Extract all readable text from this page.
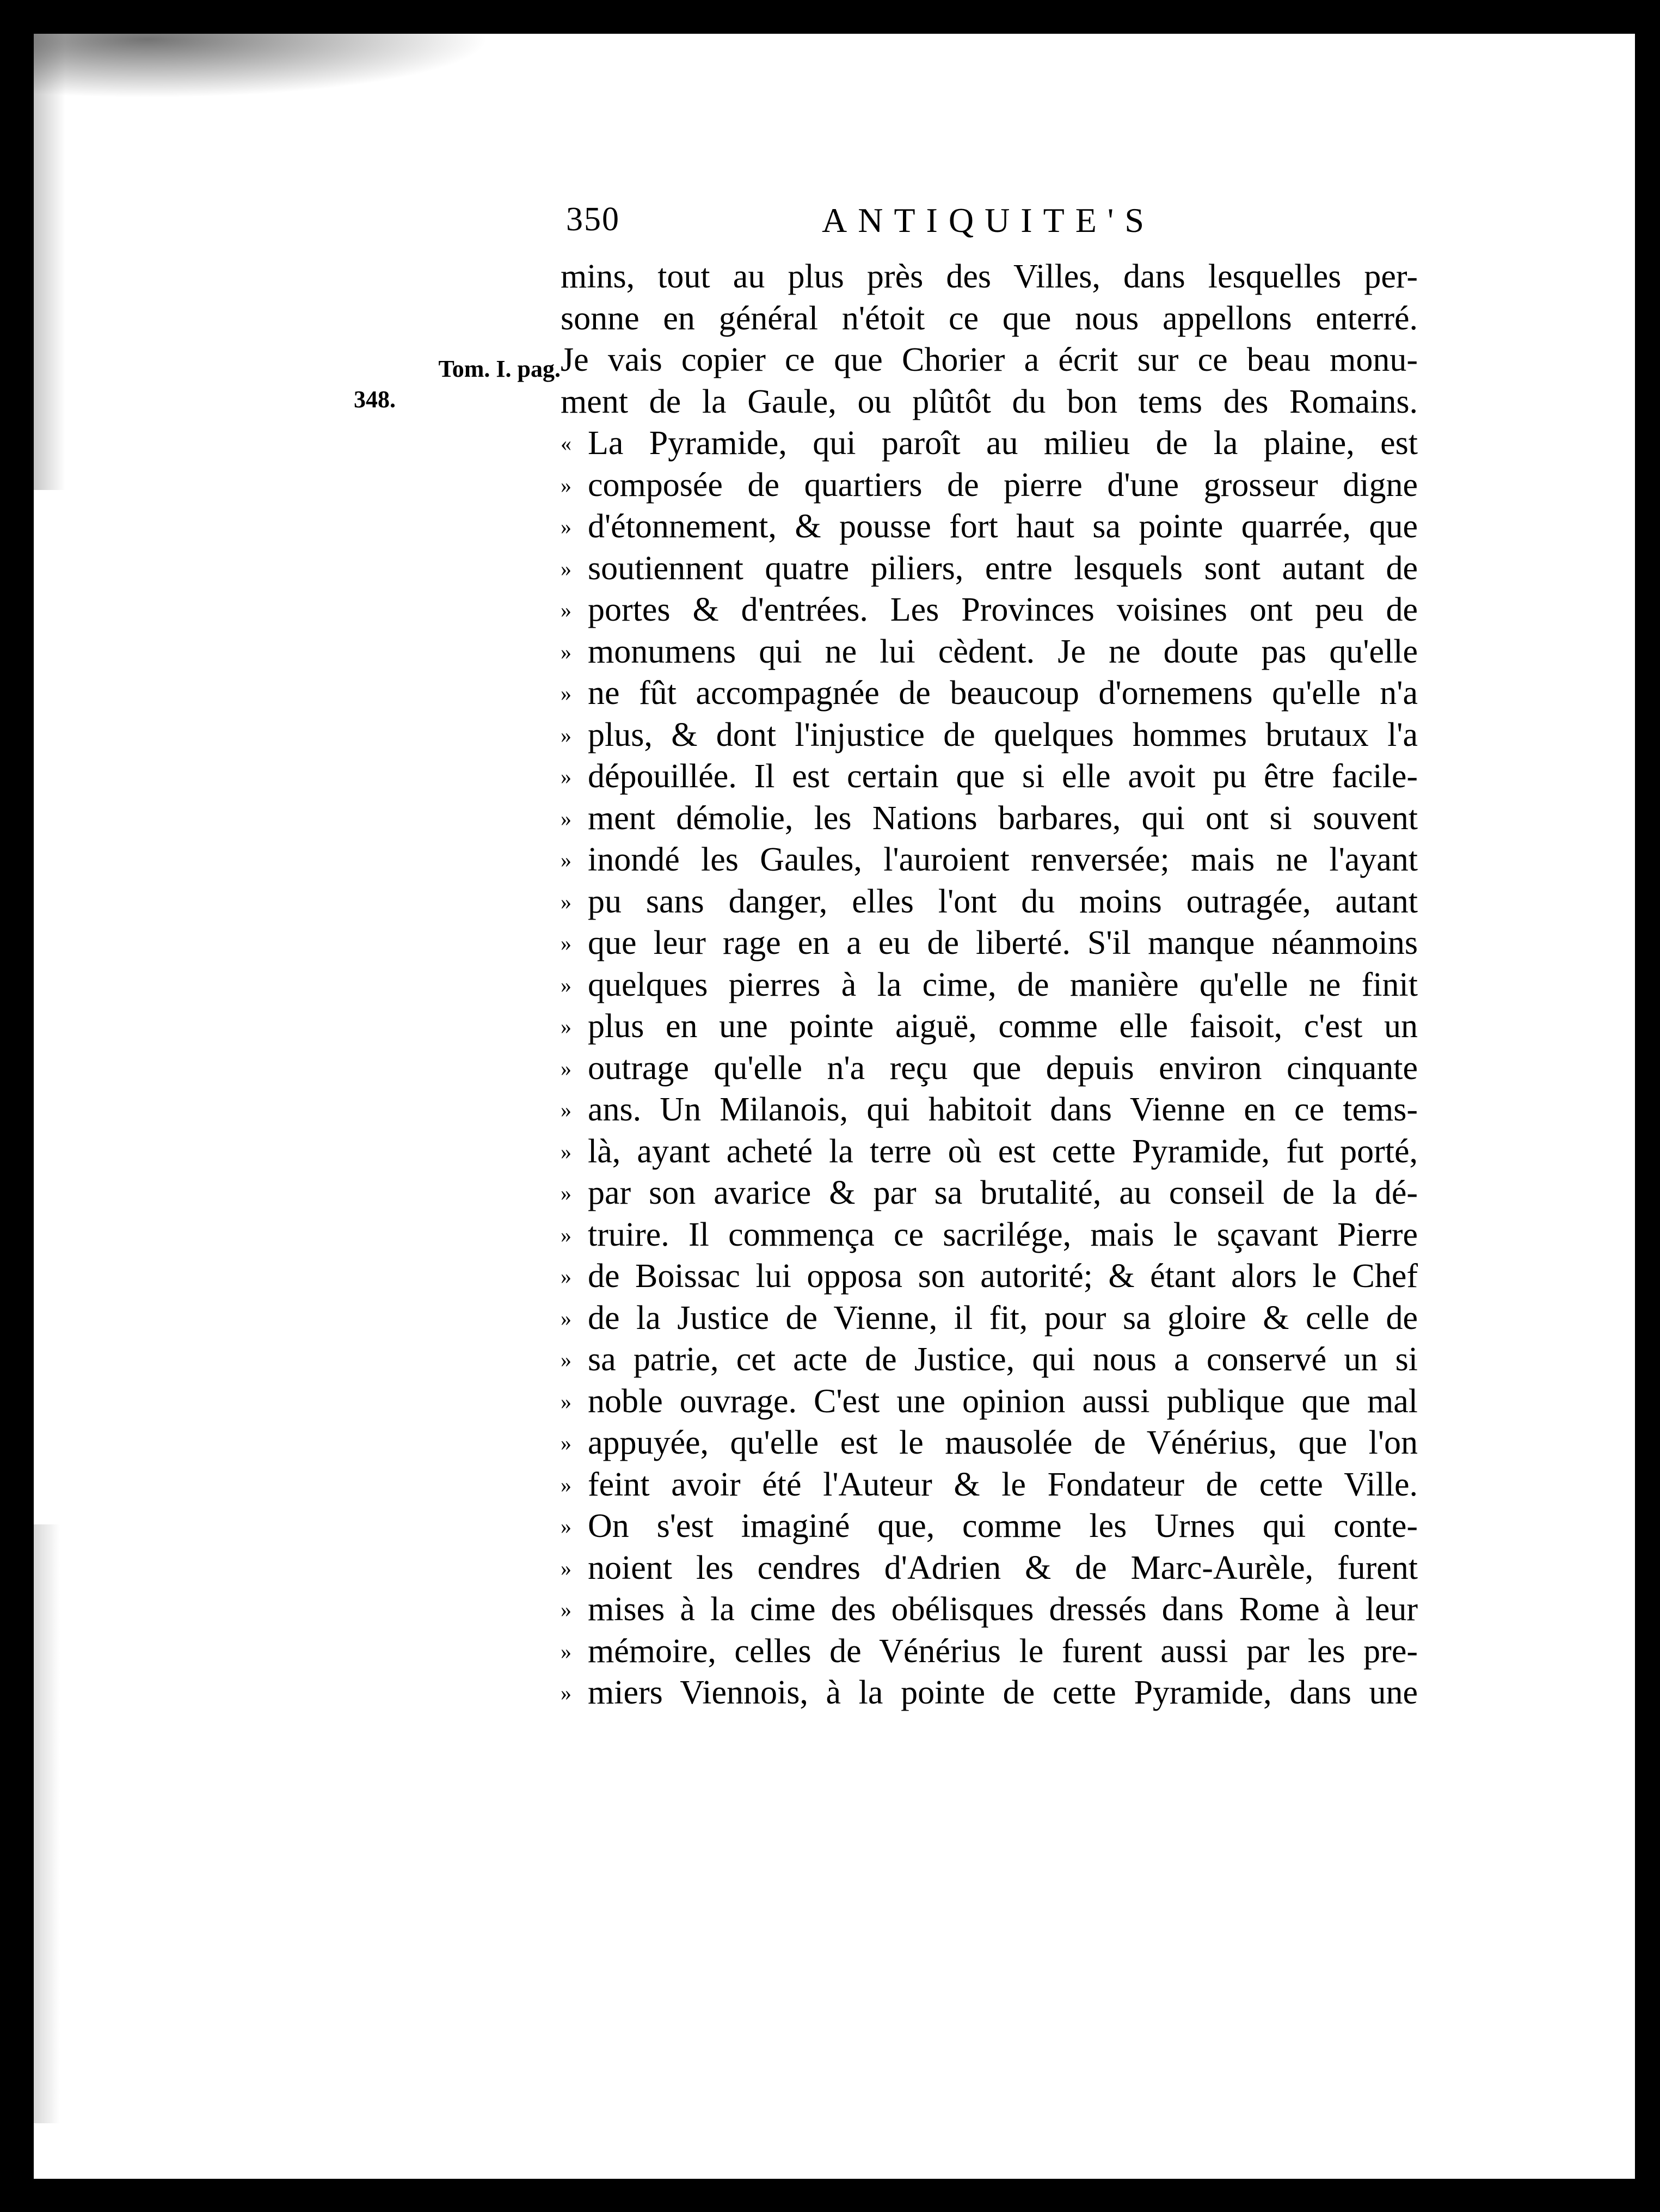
350	ANTIQUITE'S
Tom. I. pag.
348.
mins, tout au plus près des Villes, dans lesquelles per-
sonne en général n'étoit ce que nous appellons enterré.
Je vais copier ce que Chorier a écrit sur ce beau monu-
ment de la Gaule, ou plûtôt du bon tems des Romains.
« La Pyramide, qui paroît au milieu de la plaine, est
» composée de quartiers de pierre d'une grosseur digne
» d'étonnement, & pousse fort haut sa pointe quarrée, que
» soutiennent quatre piliers, entre lesquels sont autant de
» portes & d'entrées. Les Provinces voisines ont peu de
» monumens qui ne lui cèdent. Je ne doute pas qu'elle
» ne fût accompagnée de beaucoup d'ornemens qu'elle n'a
» plus, & dont l'injustice de quelques hommes brutaux l'a
» dépouillée. Il est certain que si elle avoit pu être facile-
» ment démolie, les Nations barbares, qui ont si souvent
» inondé les Gaules, l'auroient renversée; mais ne l'ayant
» pu sans danger, elles l'ont du moins outragée, autant
» que leur rage en a eu de liberté. S'il manque néanmoins
» quelques pierres à la cime, de manière qu'elle ne finit
» plus en une pointe aiguë, comme elle faisoit, c'est un
» outrage qu'elle n'a reçu que depuis environ cinquante
» ans. Un Milanois, qui habitoit dans Vienne en ce tems-
» là, ayant acheté la terre où est cette Pyramide, fut porté,
» par son avarice & par sa brutalité, au conseil de la dé-
» truire. Il commença ce sacrilége, mais le sçavant Pierre
» de Boissac lui opposa son autorité; & étant alors le Chef
» de la Justice de Vienne, il fit, pour sa gloire & celle de
» sa patrie, cet acte de Justice, qui nous a conservé un si
» noble ouvrage. C'est une opinion aussi publique que mal
» appuyée, qu'elle est le mausolée de Vénérius, que l'on
» feint avoir été l'Auteur & le Fondateur de cette Ville.
» On s'est imaginé que, comme les Urnes qui conte-
» noient les cendres d'Adrien & de Marc-Aurèle, furent
» mises à la cime des obélisques dressés dans Rome à leur
» mémoire, celles de Vénérius le furent aussi par les pre-
» miers Viennois, à la pointe de cette Pyramide, dans une
